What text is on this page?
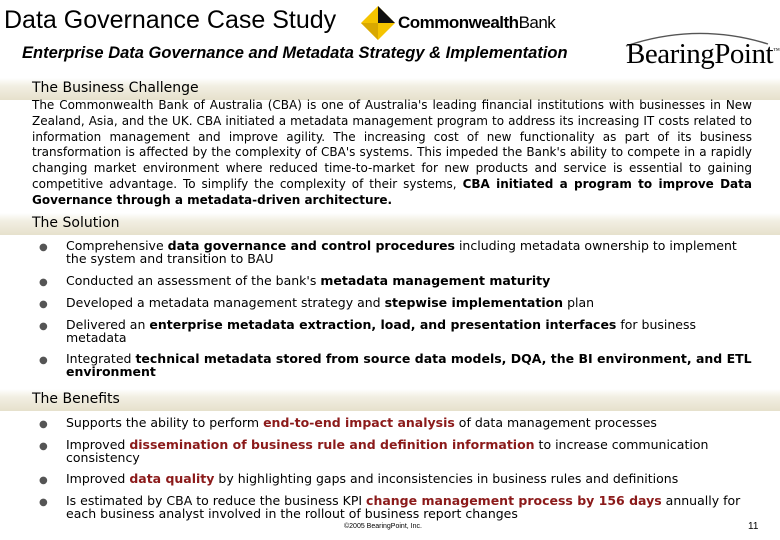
Data Governance Case Study	CommonwealthBank
Enterprise Data Governance and Metadata Strategy & Implementation BearingPoint™
The Business Challenge
The Commonwealth Bank of Australia (CBA) is one of Australia's leading financial institutions with businesses in New Zealand, Asia, and the UK. CBA initiated a metadata management program to address its increasing IT costs related to information management and improve agility. The increasing cost of new functionality as part of its business transformation is affected by the complexity of CBA's systems. This impeded the Bank's ability to compete in a rapidly changing market environment where reduced time-to-market for new products and service is essential to gaining competitive advantage. To simplify the complexity of their systems, CBA initiated a program to improve Data Governance through a metadata-driven architecture.
The Solution
● Comprehensive data governance and control procedures including metadata ownership to implement the system and transition to BAU
● Conducted an assessment of the bank's metadata management maturity
● Developed a metadata management strategy and stepwise implementation plan
● Delivered an enterprise metadata extraction, load, and presentation interfaces for business metadata
● Integrated technical metadata stored from source data models, DQA, the BI environment, and ETL environment
The Benefits
● Supports the ability to perform end-to-end impact analysis of data management processes
● Improved dissemination of business rule and definition information to increase communication consistency
● Improved data quality by highlighting gaps and inconsistencies in business rules and definitions
● Is estimated by CBA to reduce the business KPI change management process by 156 days annually for each business analyst involved in the rollout of business report changes
©2005 BearingPoint, Inc.	11
